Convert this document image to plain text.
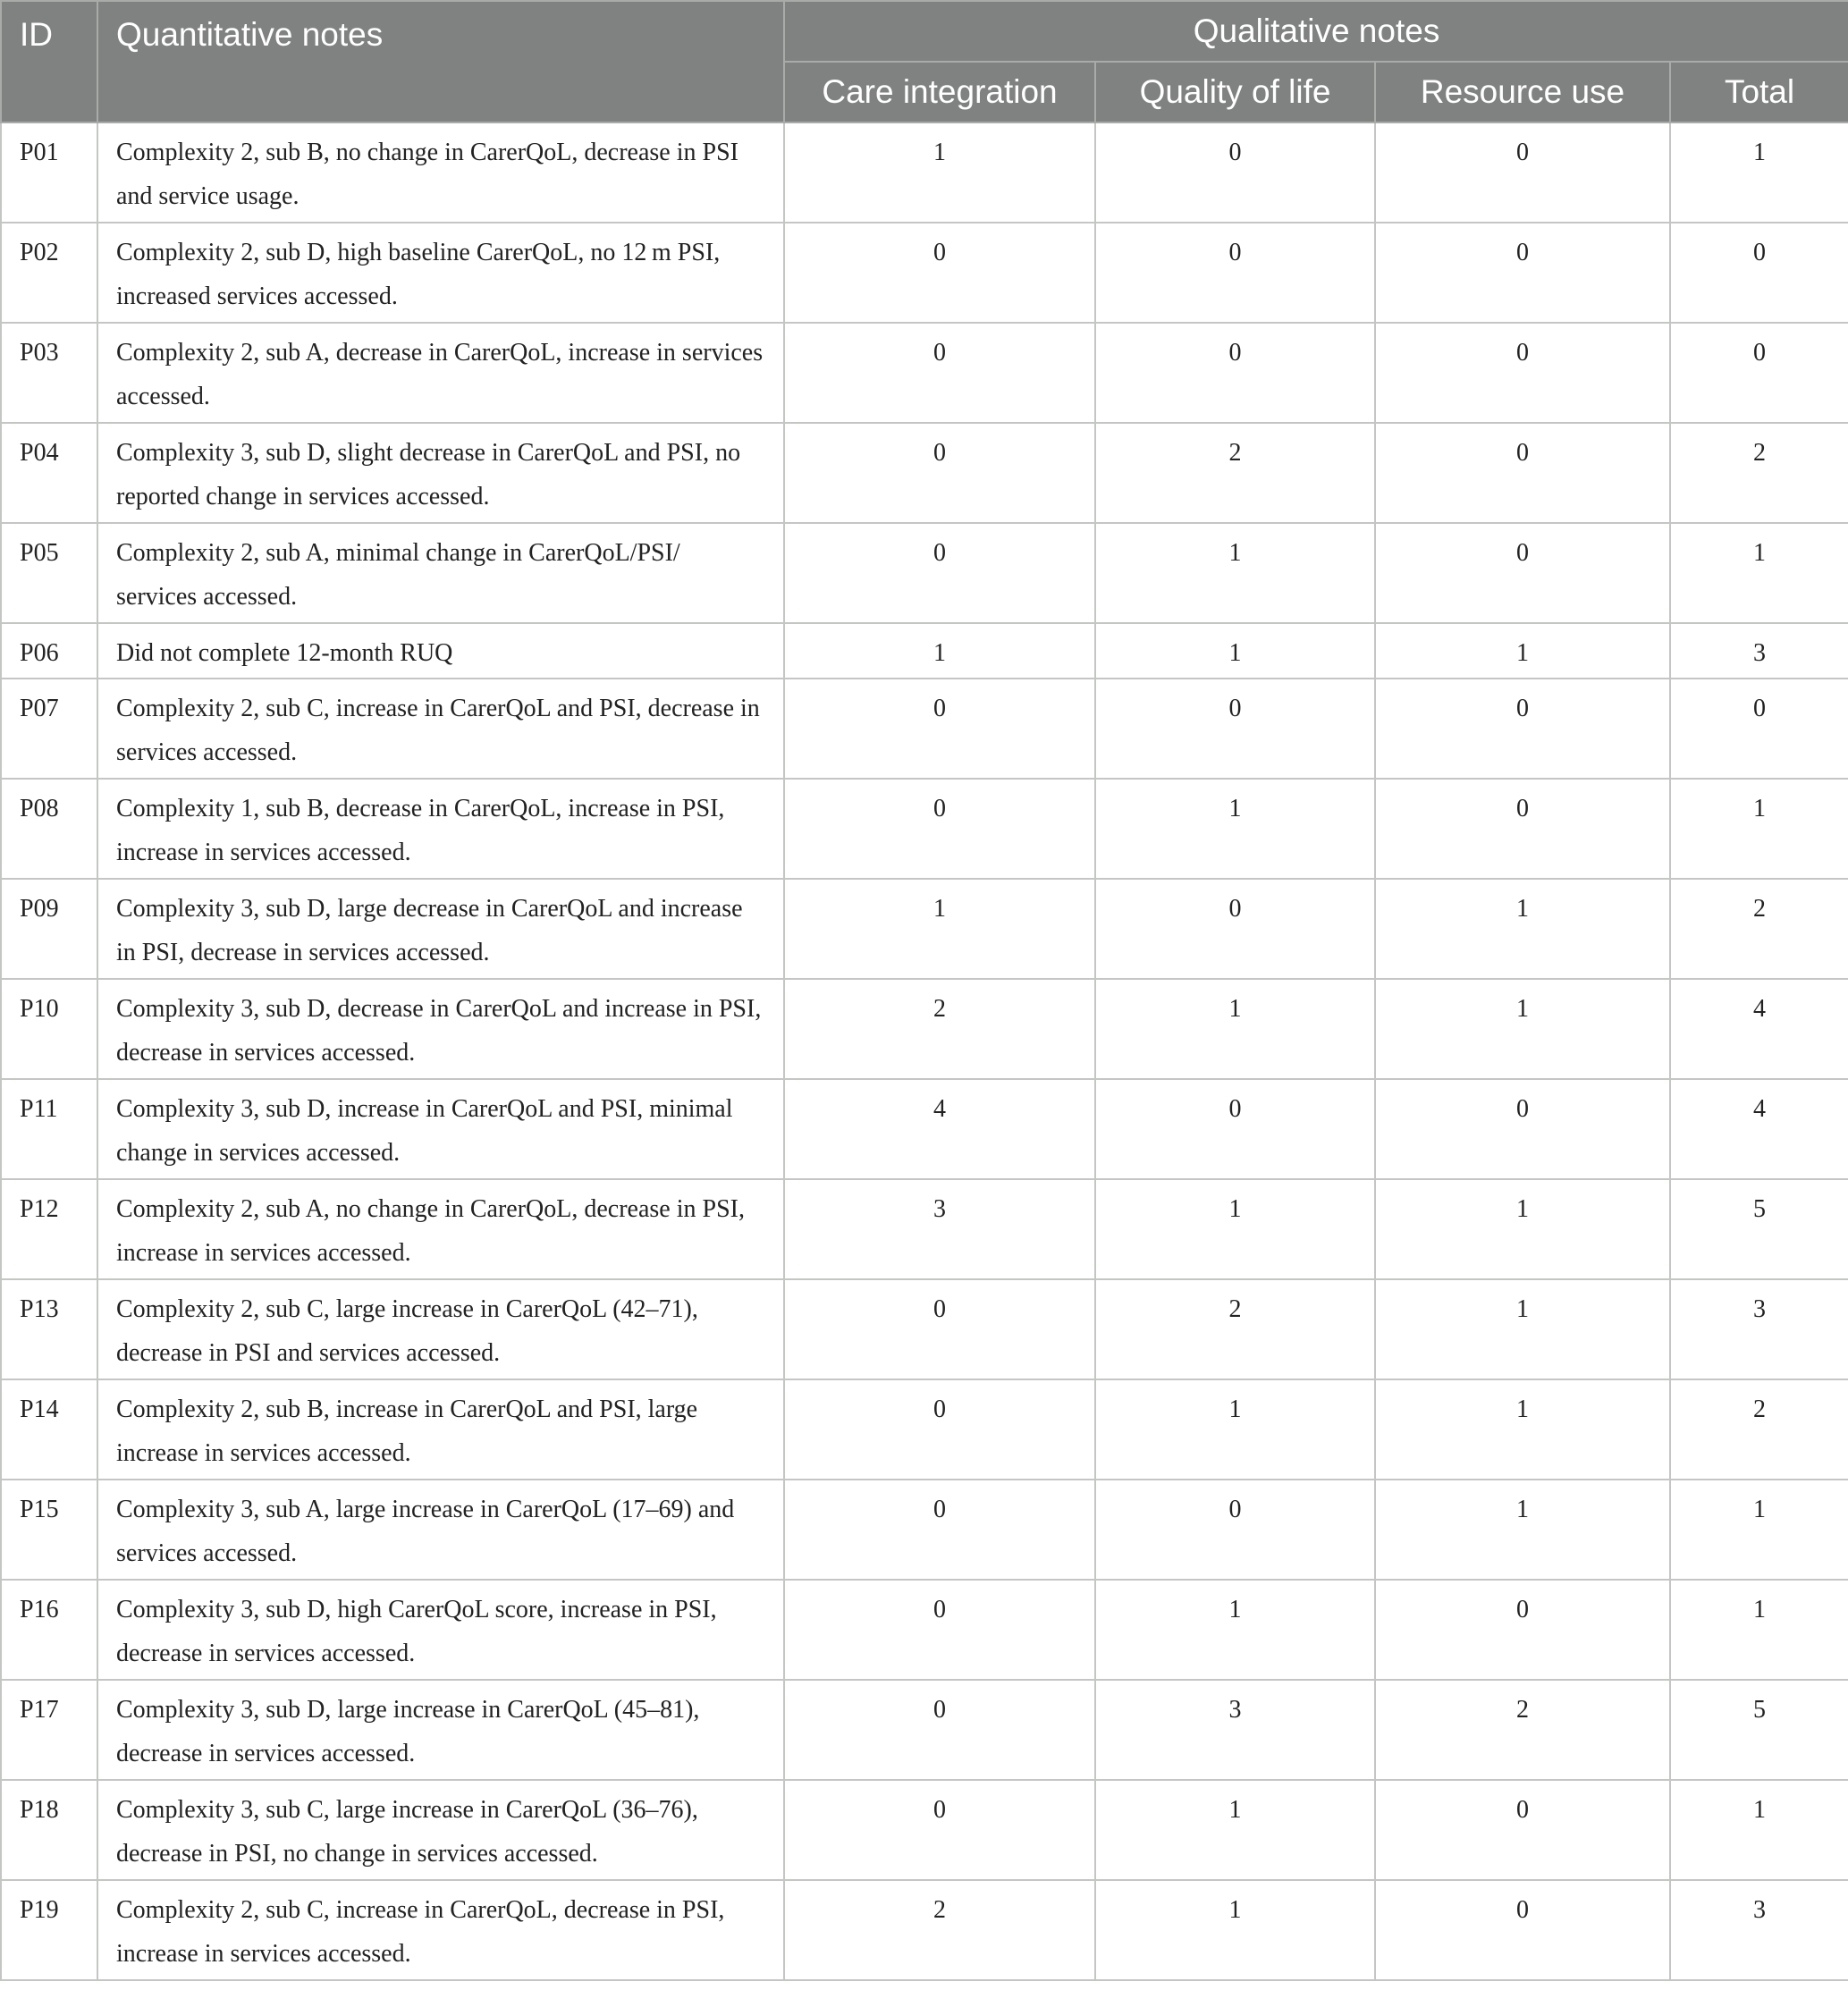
ID	Quantitative notes	Qualitative notes			
		Care integration	Quality of life	Resource use	Total
P01	Complexity 2, sub B, no change in CarerQoL, decrease in PSI and service usage.	1	0	0	1
P02	Complexity 2, sub D, high baseline CarerQoL, no 12 m PSI, increased services accessed.	0	0	0	0
P03	Complexity 2, sub A, decrease in CarerQoL, increase in services accessed.	0	0	0	0
P04	Complexity 3, sub D, slight decrease in CarerQoL and PSI, no reported change in services accessed.	0	2	0	2
P05	Complexity 2, sub A, minimal change in CarerQoL/PSI/ services accessed.	0	1	0	1
P06	Did not complete 12-month RUQ	1	1	1	3
P07	Complexity 2, sub C, increase in CarerQoL and PSI, decrease in services accessed.	0	0	0	0
P08	Complexity 1, sub B, decrease in CarerQoL, increase in PSI, increase in services accessed.	0	1	0	1
P09	Complexity 3, sub D, large decrease in CarerQoL and increase in PSI, decrease in services accessed.	1	0	1	2
P10	Complexity 3, sub D, decrease in CarerQoL and increase in PSI, decrease in services accessed.	2	1	1	4
P11	Complexity 3, sub D, increase in CarerQoL and PSI, minimal change in services accessed.	4	0	0	4
P12	Complexity 2, sub A, no change in CarerQoL, decrease in PSI, increase in services accessed.	3	1	1	5
P13	Complexity 2, sub C, large increase in CarerQoL (42–71), decrease in PSI and services accessed.	0	2	1	3
P14	Complexity 2, sub B, increase in CarerQoL and PSI, large increase in services accessed.	0	1	1	2
P15	Complexity 3, sub A, large increase in CarerQoL (17–69) and services accessed.	0	0	1	1
P16	Complexity 3, sub D, high CarerQoL score, increase in PSI, decrease in services accessed.	0	1	0	1
P17	Complexity 3, sub D, large increase in CarerQoL (45–81), decrease in services accessed.	0	3	2	5
P18	Complexity 3, sub C, large increase in CarerQoL (36–76), decrease in PSI, no change in services accessed.	0	1	0	1
P19	Complexity 2, sub C, increase in CarerQoL, decrease in PSI, increase in services accessed.	2	1	0	3
